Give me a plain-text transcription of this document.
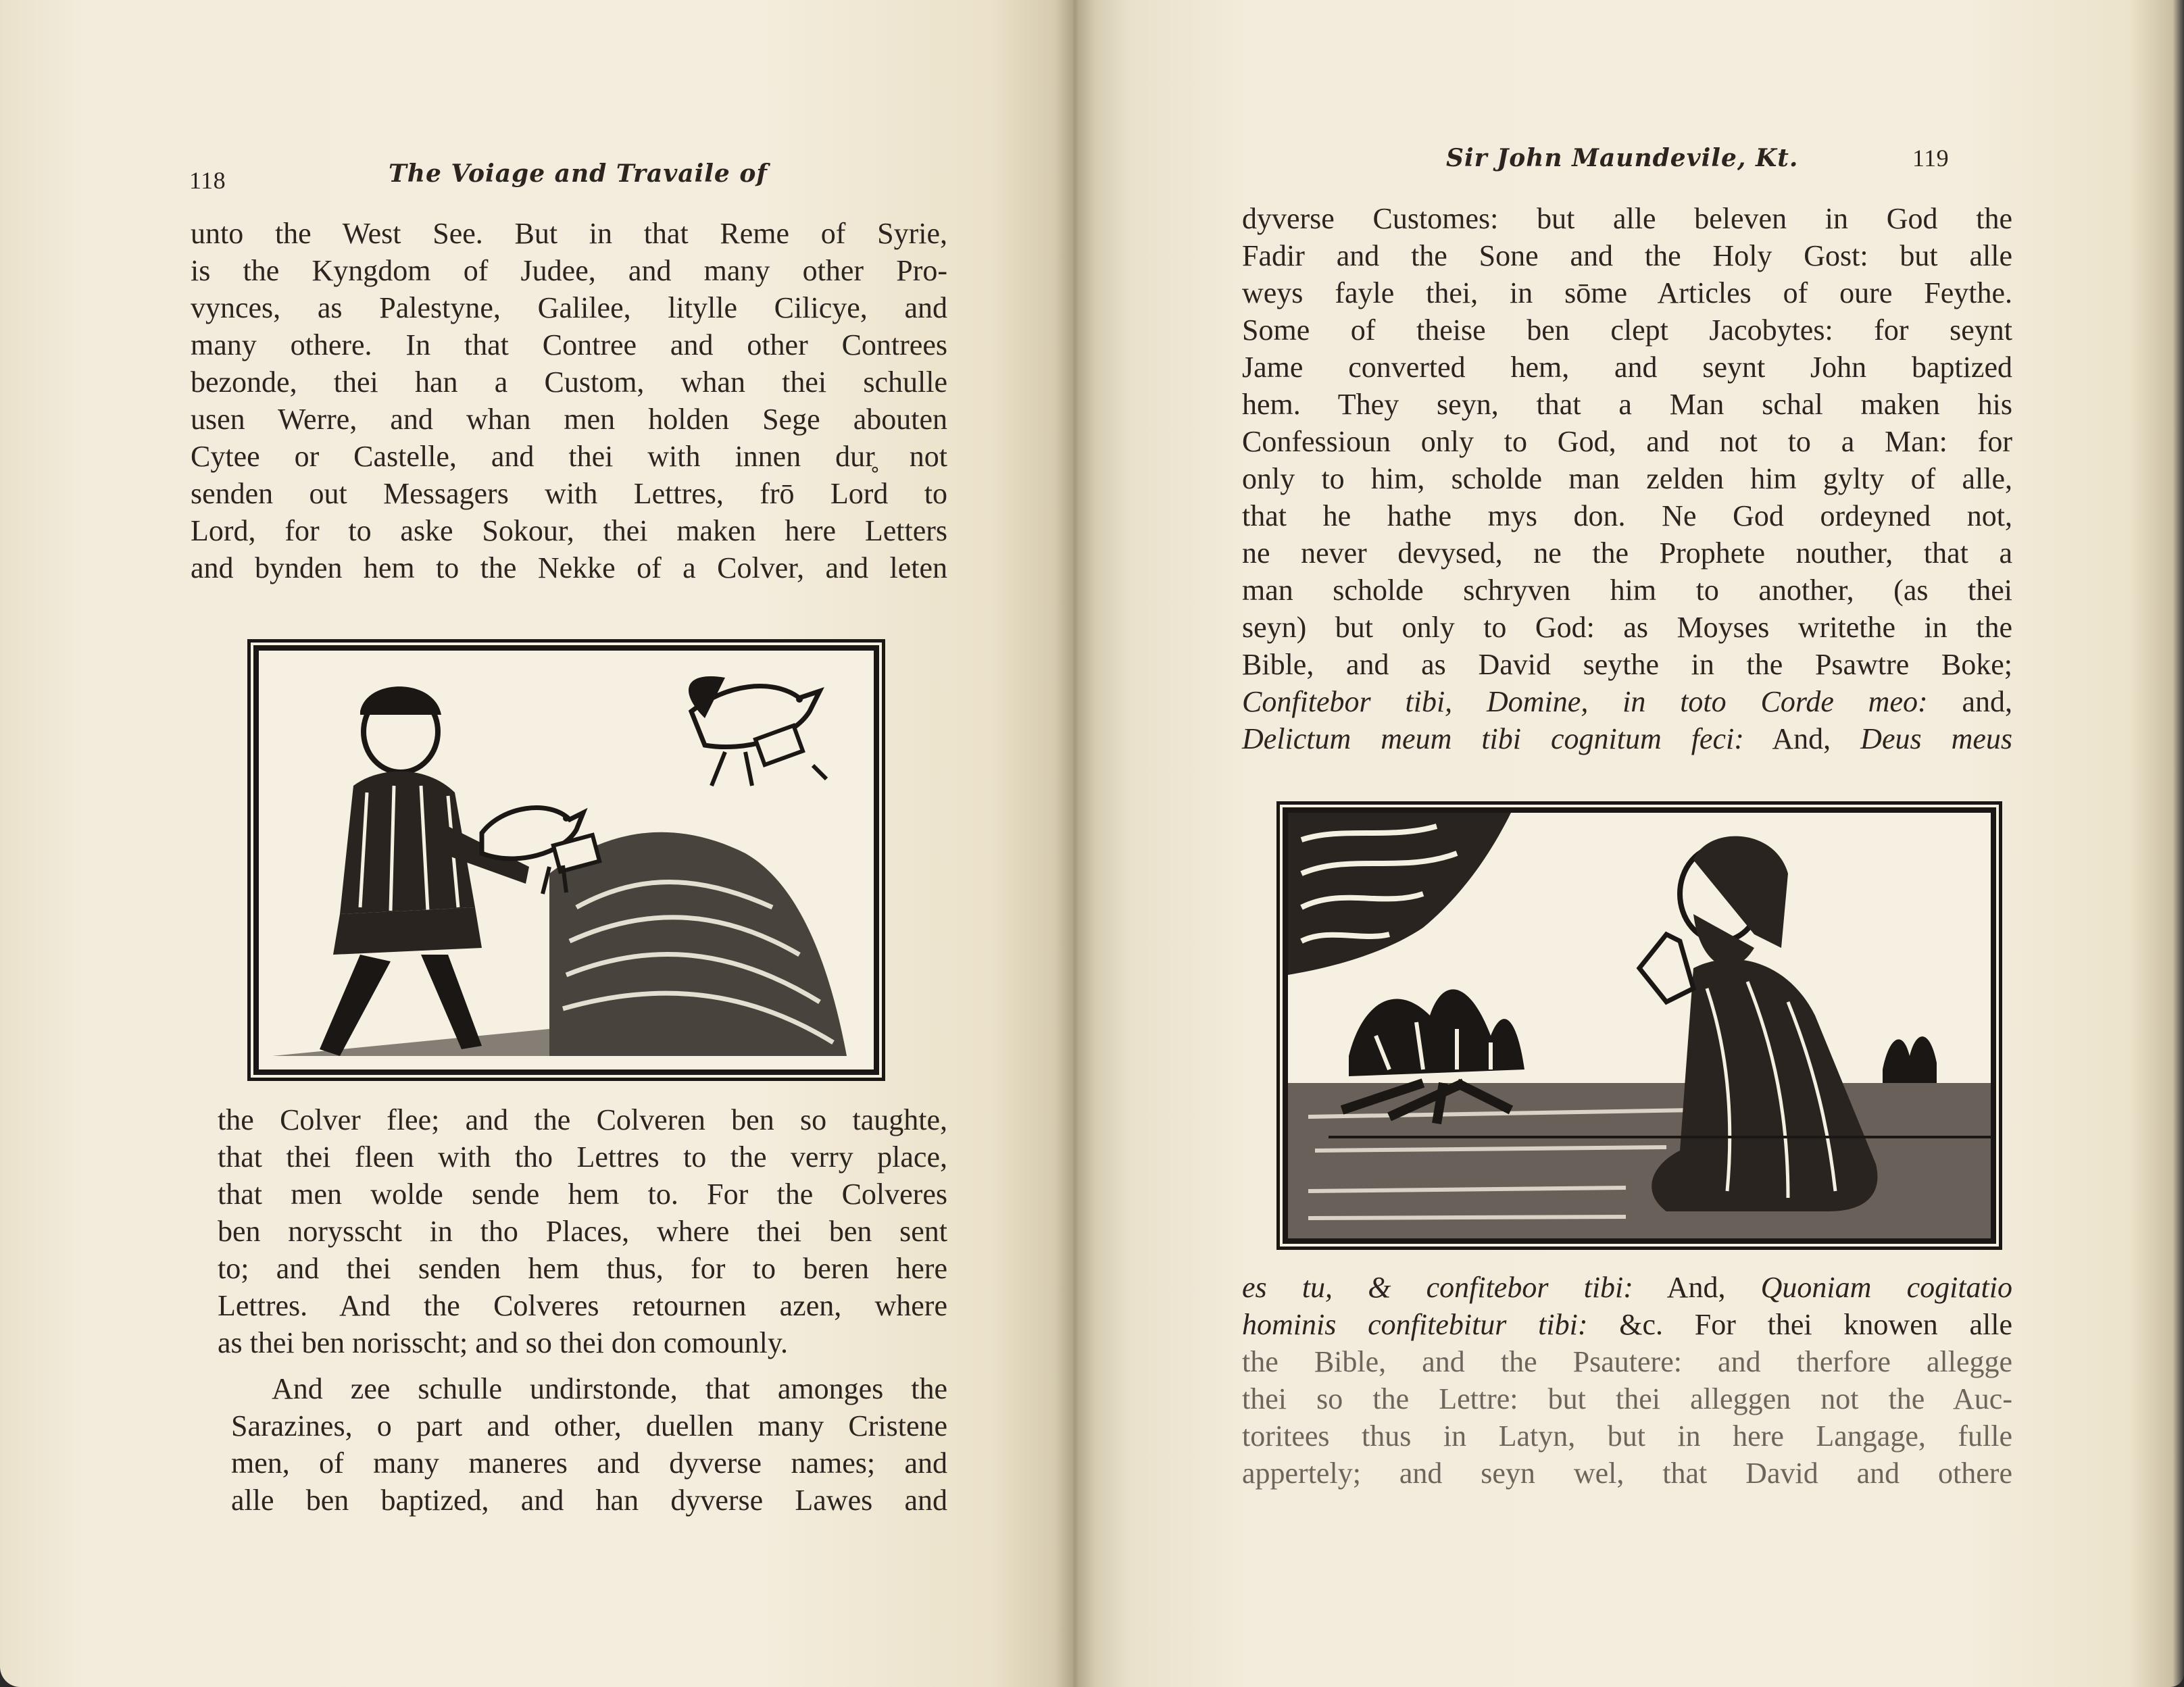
118	The Voiage and Travaile of
unto the West See. But in that Reme of Syrie,
is the Kyngdom of Judee, and many other Pro-
vynces, as Palestyne, Galilee, litylle Cilicye, and
many othere. In that Contree and other Contrees
bezonde, thei han a Custom, whan thei schulle
usen Werre, and whan men holden Sege abouten
Cytee or Castelle, and thei with innen dur̥ not
senden out Messagers with Lettres, frō Lord to
Lord, for to aske Sokour, thei maken here Letters
and bynden hem to the Nekke of a Colver, and leten
the Colver flee; and the Colveren ben so taughte,
that thei fleen with tho Lettres to the verry place,
that men wolde sende hem to. For the Colveres
ben norysscht in tho Places, where thei ben sent
to; and thei senden hem thus, for to beren here
Lettres. And the Colveres retournen azen, where
as thei ben norisscht; and so thei don comounly.
And zee schulle undirstonde, that amonges the
Sarazines, o part and other, duellen many Cristene
men, of many maneres and dyverse names; and
alle ben baptized, and han dyverse Lawes and
Sir John Maundevile, Kt.	119
dyverse Customes: but alle beleven in God the
Fadir and the Sone and the Holy Gost: but alle
weys fayle thei, in sōme Articles of oure Feythe.
Some of theise ben clept Jacobytes: for seynt
Jame converted hem, and seynt John baptized
hem. They seyn, that a Man schal maken his
Confessioun only to God, and not to a Man: for
only to him, scholde man zelden him gylty of alle,
that he hathe mys don. Ne God ordeyned not,
ne never devysed, ne the Prophete nouther, that a
man scholde schryven him to another, (as thei
seyn) but only to God: as Moyses writethe in the
Bible, and as David seythe in the Psawtre Boke;
Confitebor tibi, Domine, in toto Corde meo: and,
Delictum meum tibi cognitum feci: And, Deus meus
es tu, & confitebor tibi: And, Quoniam cogitatio
hominis confitebitur tibi: &c. For thei knowen alle
the Bible, and the Psautere: and therfore allegge
thei so the Lettre: but thei alleggen not the Auc-
toritees thus in Latyn, but in here Langage, fulle
appertely; and seyn wel, that David and othere
